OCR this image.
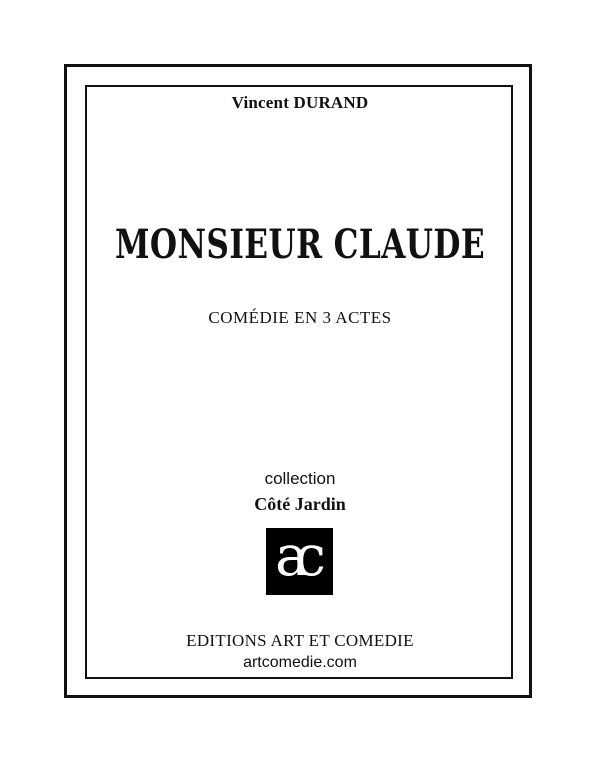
Vincent DURAND

MONSIEUR CLAUDE

COMÉDIE EN 3 ACTES

collection

Côté Jardin

ac

EDITIONS ART ET COMEDIE

artcomedie.com
